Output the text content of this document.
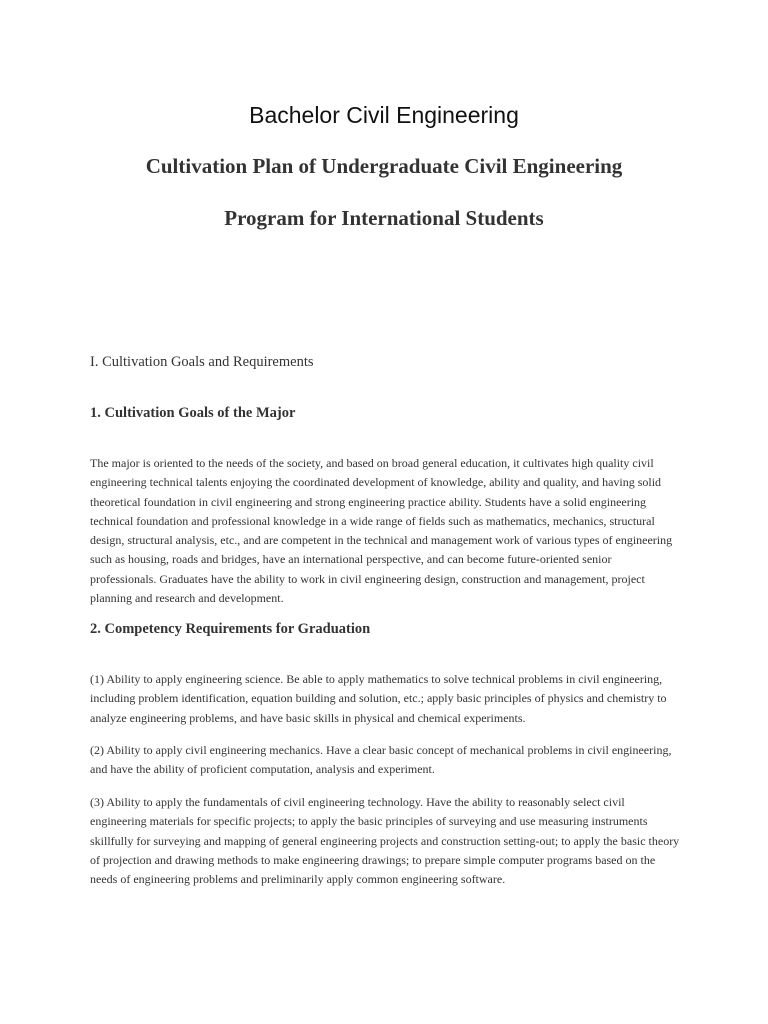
Bachelor Civil Engineering
Cultivation Plan of Undergraduate Civil Engineering
Program for International Students

I. Cultivation Goals and Requirements

1. Cultivation Goals of the Major

The major is oriented to the needs of the society, and based on broad general education, it cultivates high quality civil engineering technical talents enjoying the coordinated development of knowledge, ability and quality, and having solid theoretical foundation in civil engineering and strong engineering practice ability. Students have a solid engineering technical foundation and professional knowledge in a wide range of fields such as mathematics, mechanics, structural design, structural analysis, etc., and are competent in the technical and management work of various types of engineering such as housing, roads and bridges, have an international perspective, and can become future-oriented senior professionals. Graduates have the ability to work in civil engineering design, construction and management, project planning and research and development.

2. Competency Requirements for Graduation

(1) Ability to apply engineering science. Be able to apply mathematics to solve technical problems in civil engineering, including problem identification, equation building and solution, etc.; apply basic principles of physics and chemistry to analyze engineering problems, and have basic skills in physical and chemical experiments.

(2) Ability to apply civil engineering mechanics. Have a clear basic concept of mechanical problems in civil engineering, and have the ability of proficient computation, analysis and experiment.

(3) Ability to apply the fundamentals of civil engineering technology. Have the ability to reasonably select civil engineering materials for specific projects; to apply the basic principles of surveying and use measuring instruments skillfully for surveying and mapping of general engineering projects and construction setting-out; to apply the basic theory of projection and drawing methods to make engineering drawings; to prepare simple computer programs based on the needs of engineering problems and preliminarily apply common engineering software.
